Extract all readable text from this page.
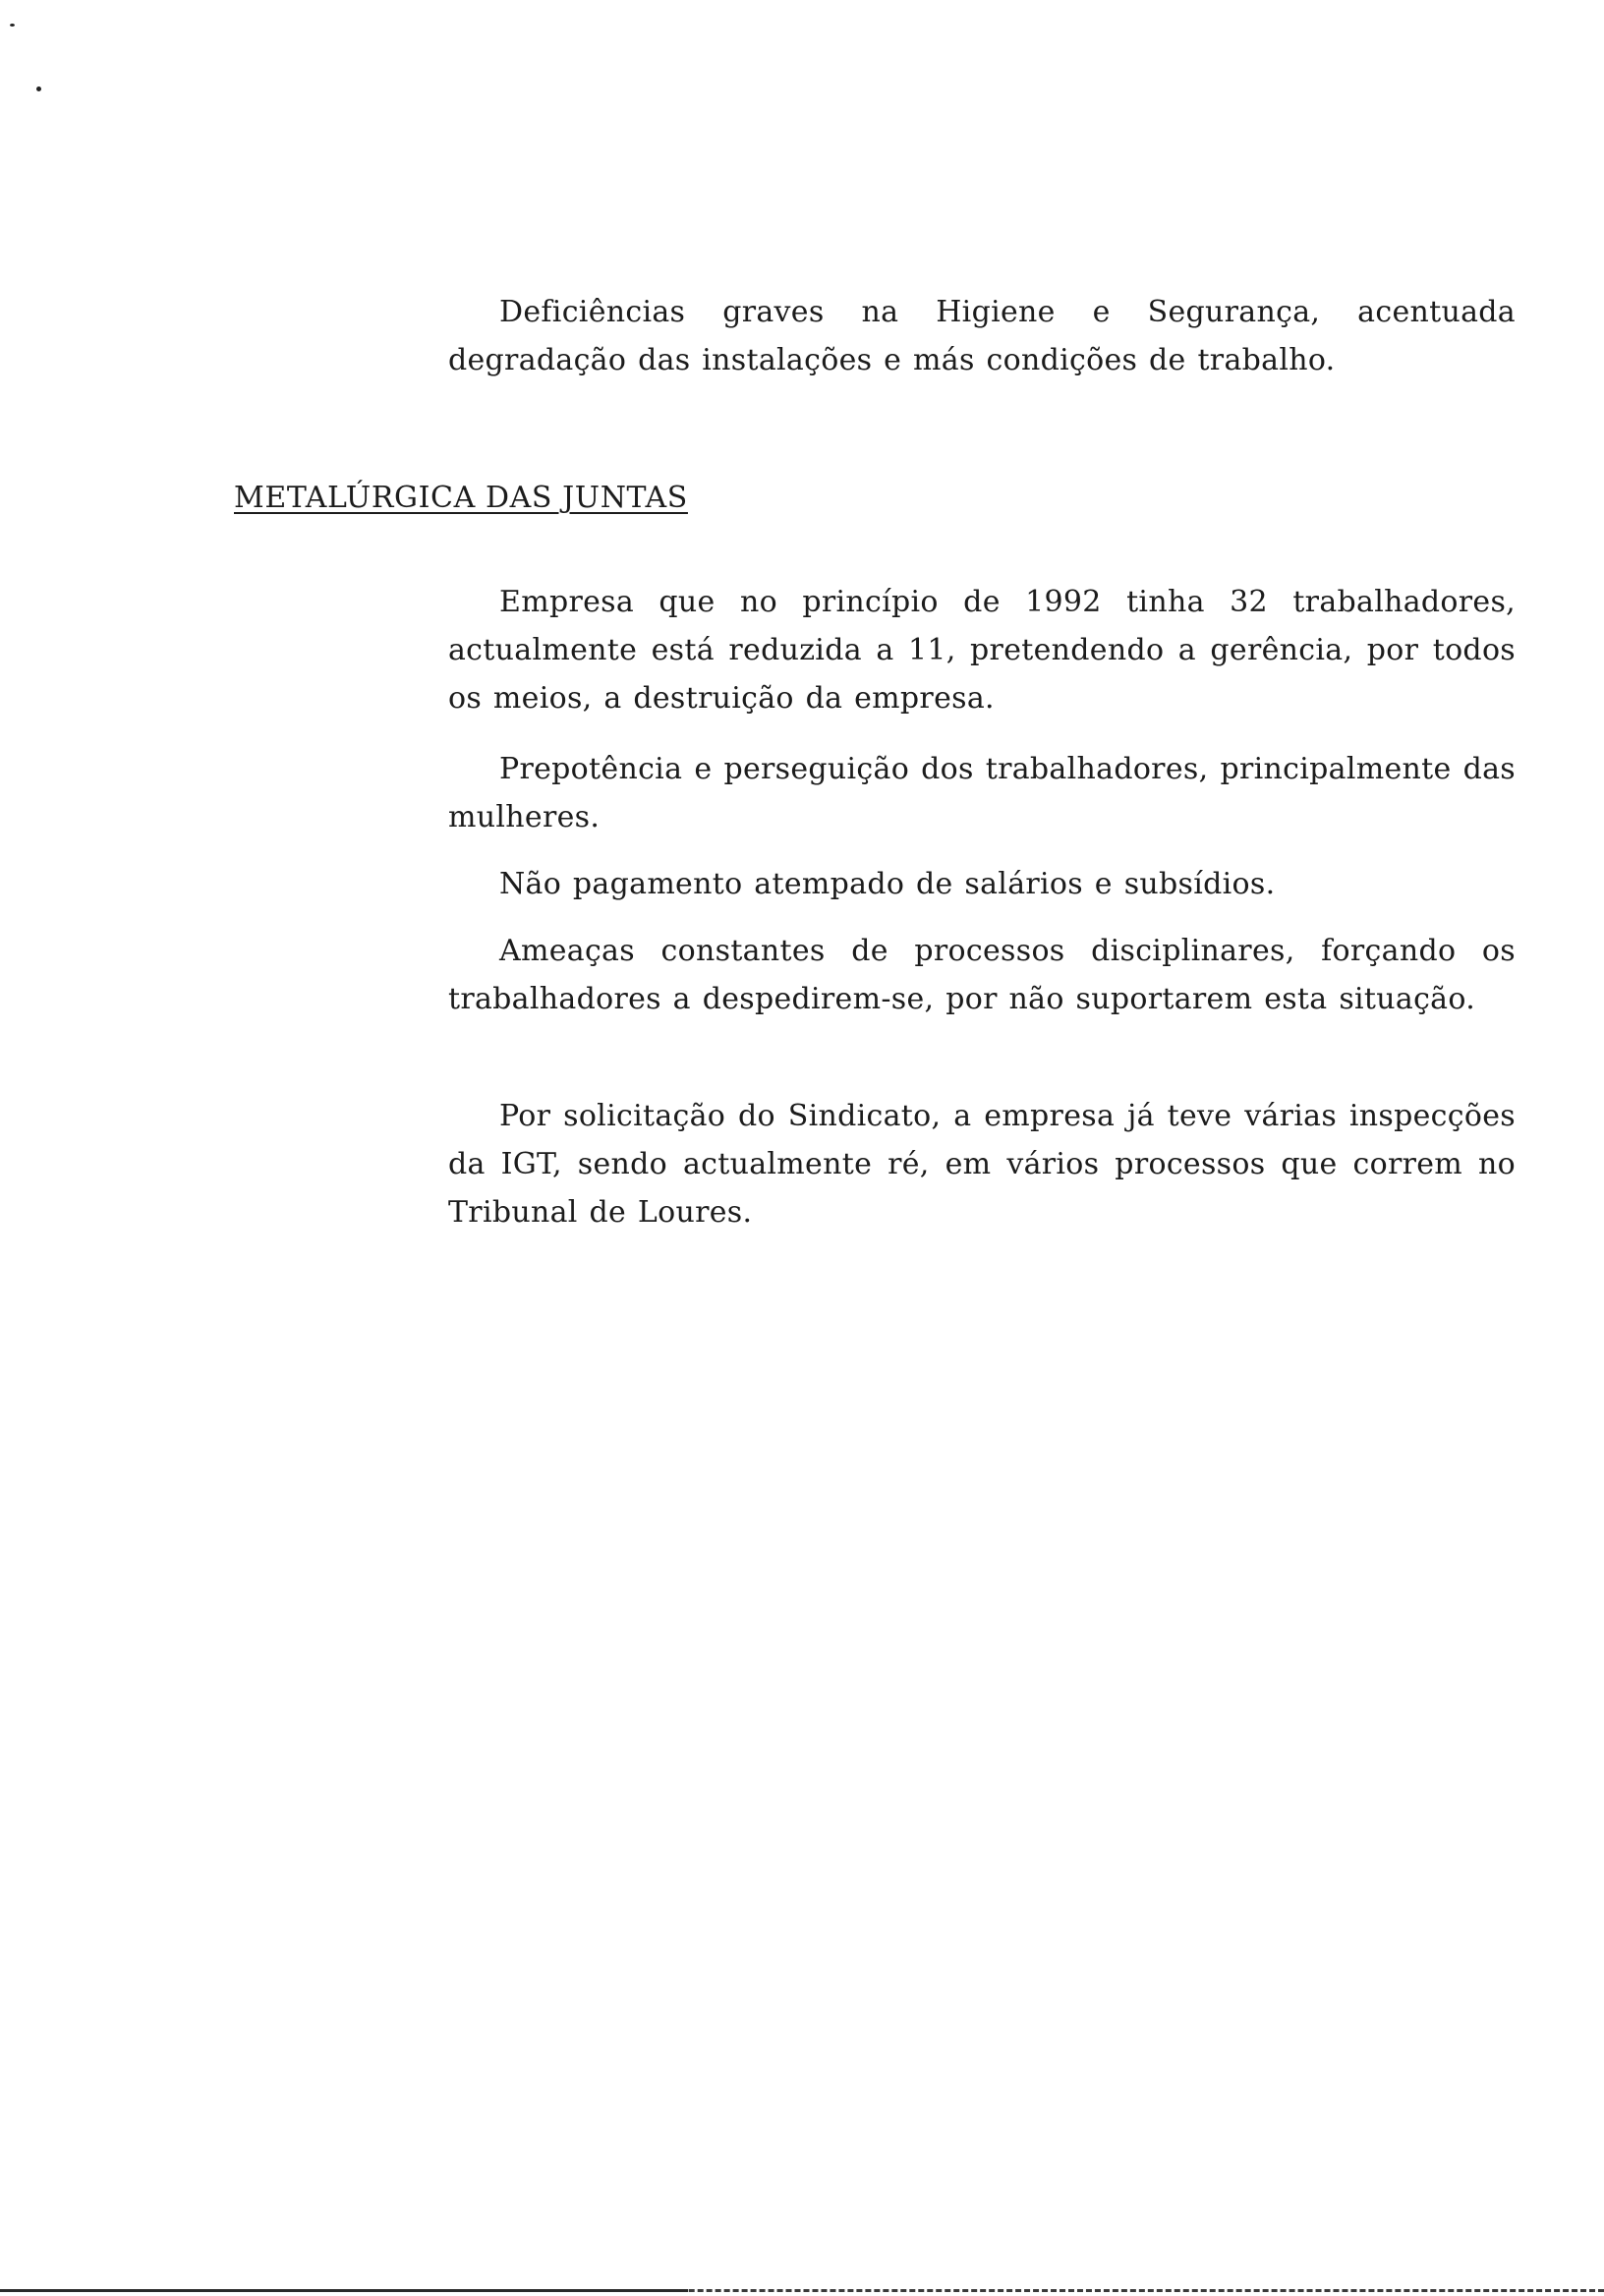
Deficiências graves na Higiene e Segurança, acentuada degradação das instalações e más condições de trabalho.

METALÚRGICA DAS JUNTAS

Empresa que no princípio de 1992 tinha 32 trabalhadores, actualmente está reduzida a 11, pretendendo a gerência, por todos os meios, a destruição da empresa.

Prepotência e perseguição dos trabalhadores, principalmente das mulheres.

Não pagamento atempado de salários e subsídios.

Ameaças constantes de processos disciplinares, forçando os trabalhadores a despedirem-se, por não suportarem esta situação.

Por solicitação do Sindicato, a empresa já teve várias inspecções da IGT, sendo actualmente ré, em vários processos que correm no Tribunal de Loures.
